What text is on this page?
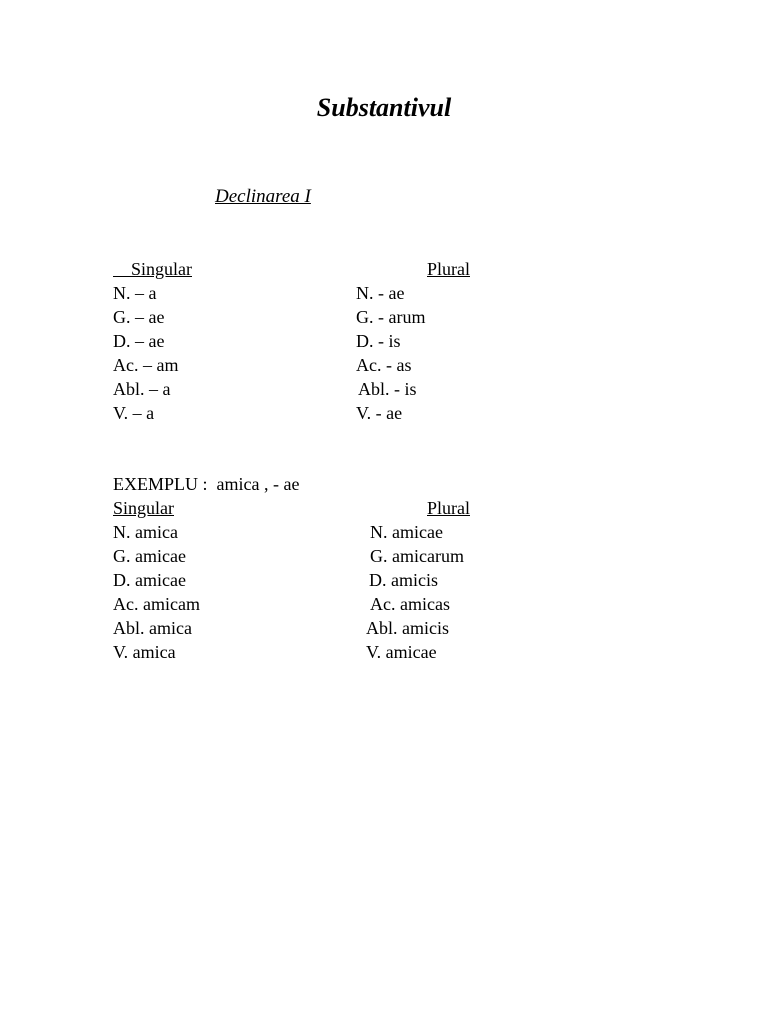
Substantivul
Declinarea I
Singular	Plural
N. – a
G. – ae
D. – ae
Ac. – am
Abl. – a
V. – a
N. - ae
G. - arum
D. - is
Ac. - as
Abl. - is
V. - ae
EXEMPLU :  amica , - ae
Singular	Plural
N. amica
G. amicae
D. amicae
Ac. amicam
Abl. amica
V. amica
N. amicae
G. amicarum
D. amicis
Ac. amicas
Abl. amicis
V. amicae
